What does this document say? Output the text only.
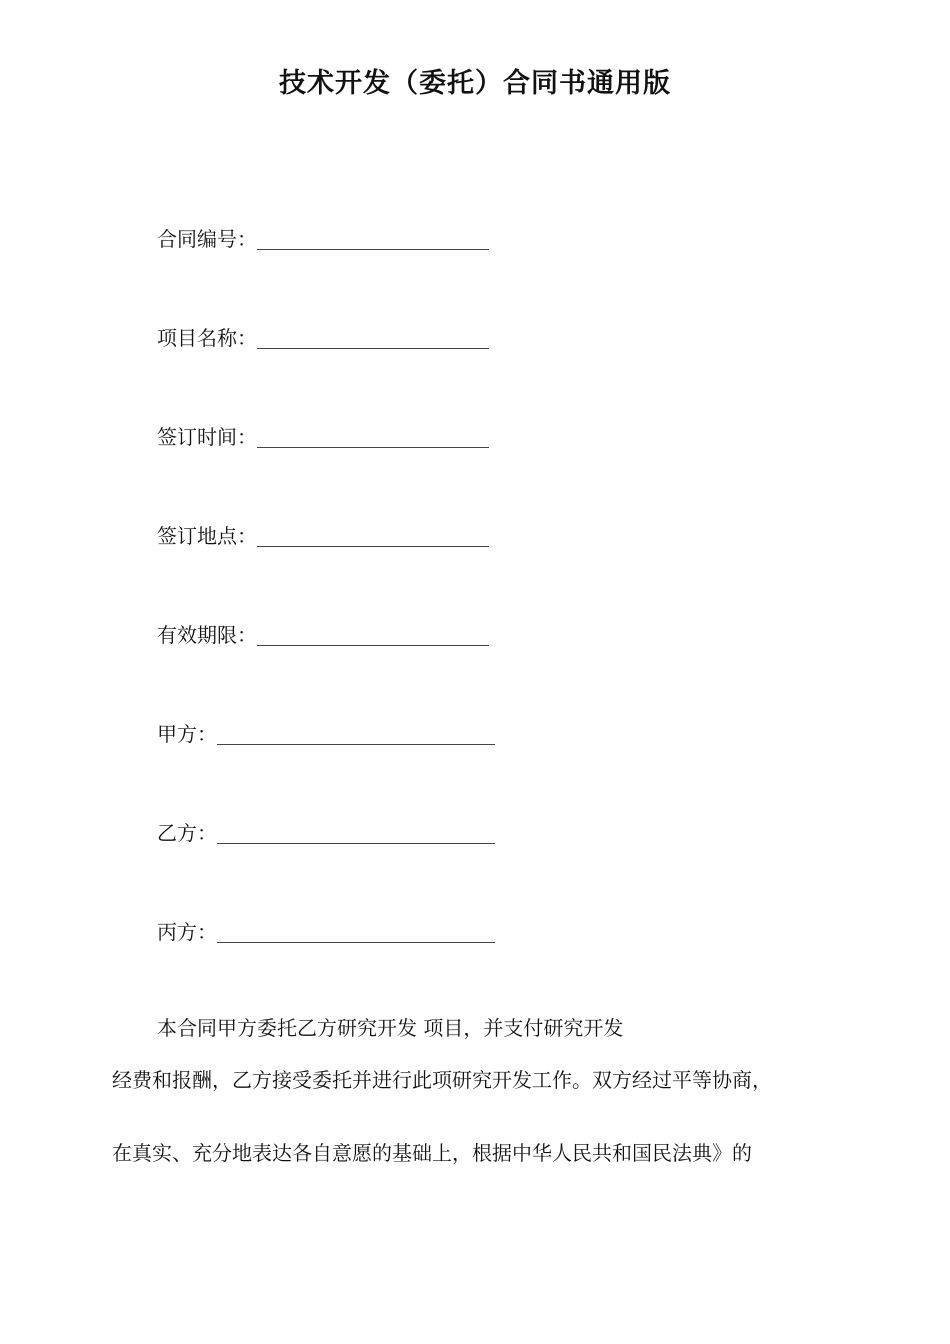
技术开发（委托）合同书通用版
合同编号：
项目名称：
签订时间：
签订地点：
有效期限：
甲方：
乙方：
丙方：
本合同甲方委托乙方研究开发 项目，并支付研究开发
经费和报酬，乙方接受委托并进行此项研究开发工作。双方经过平等协商，
在真实、充分地表达各自意愿的基础上，根据中华人民共和国民法典》的
